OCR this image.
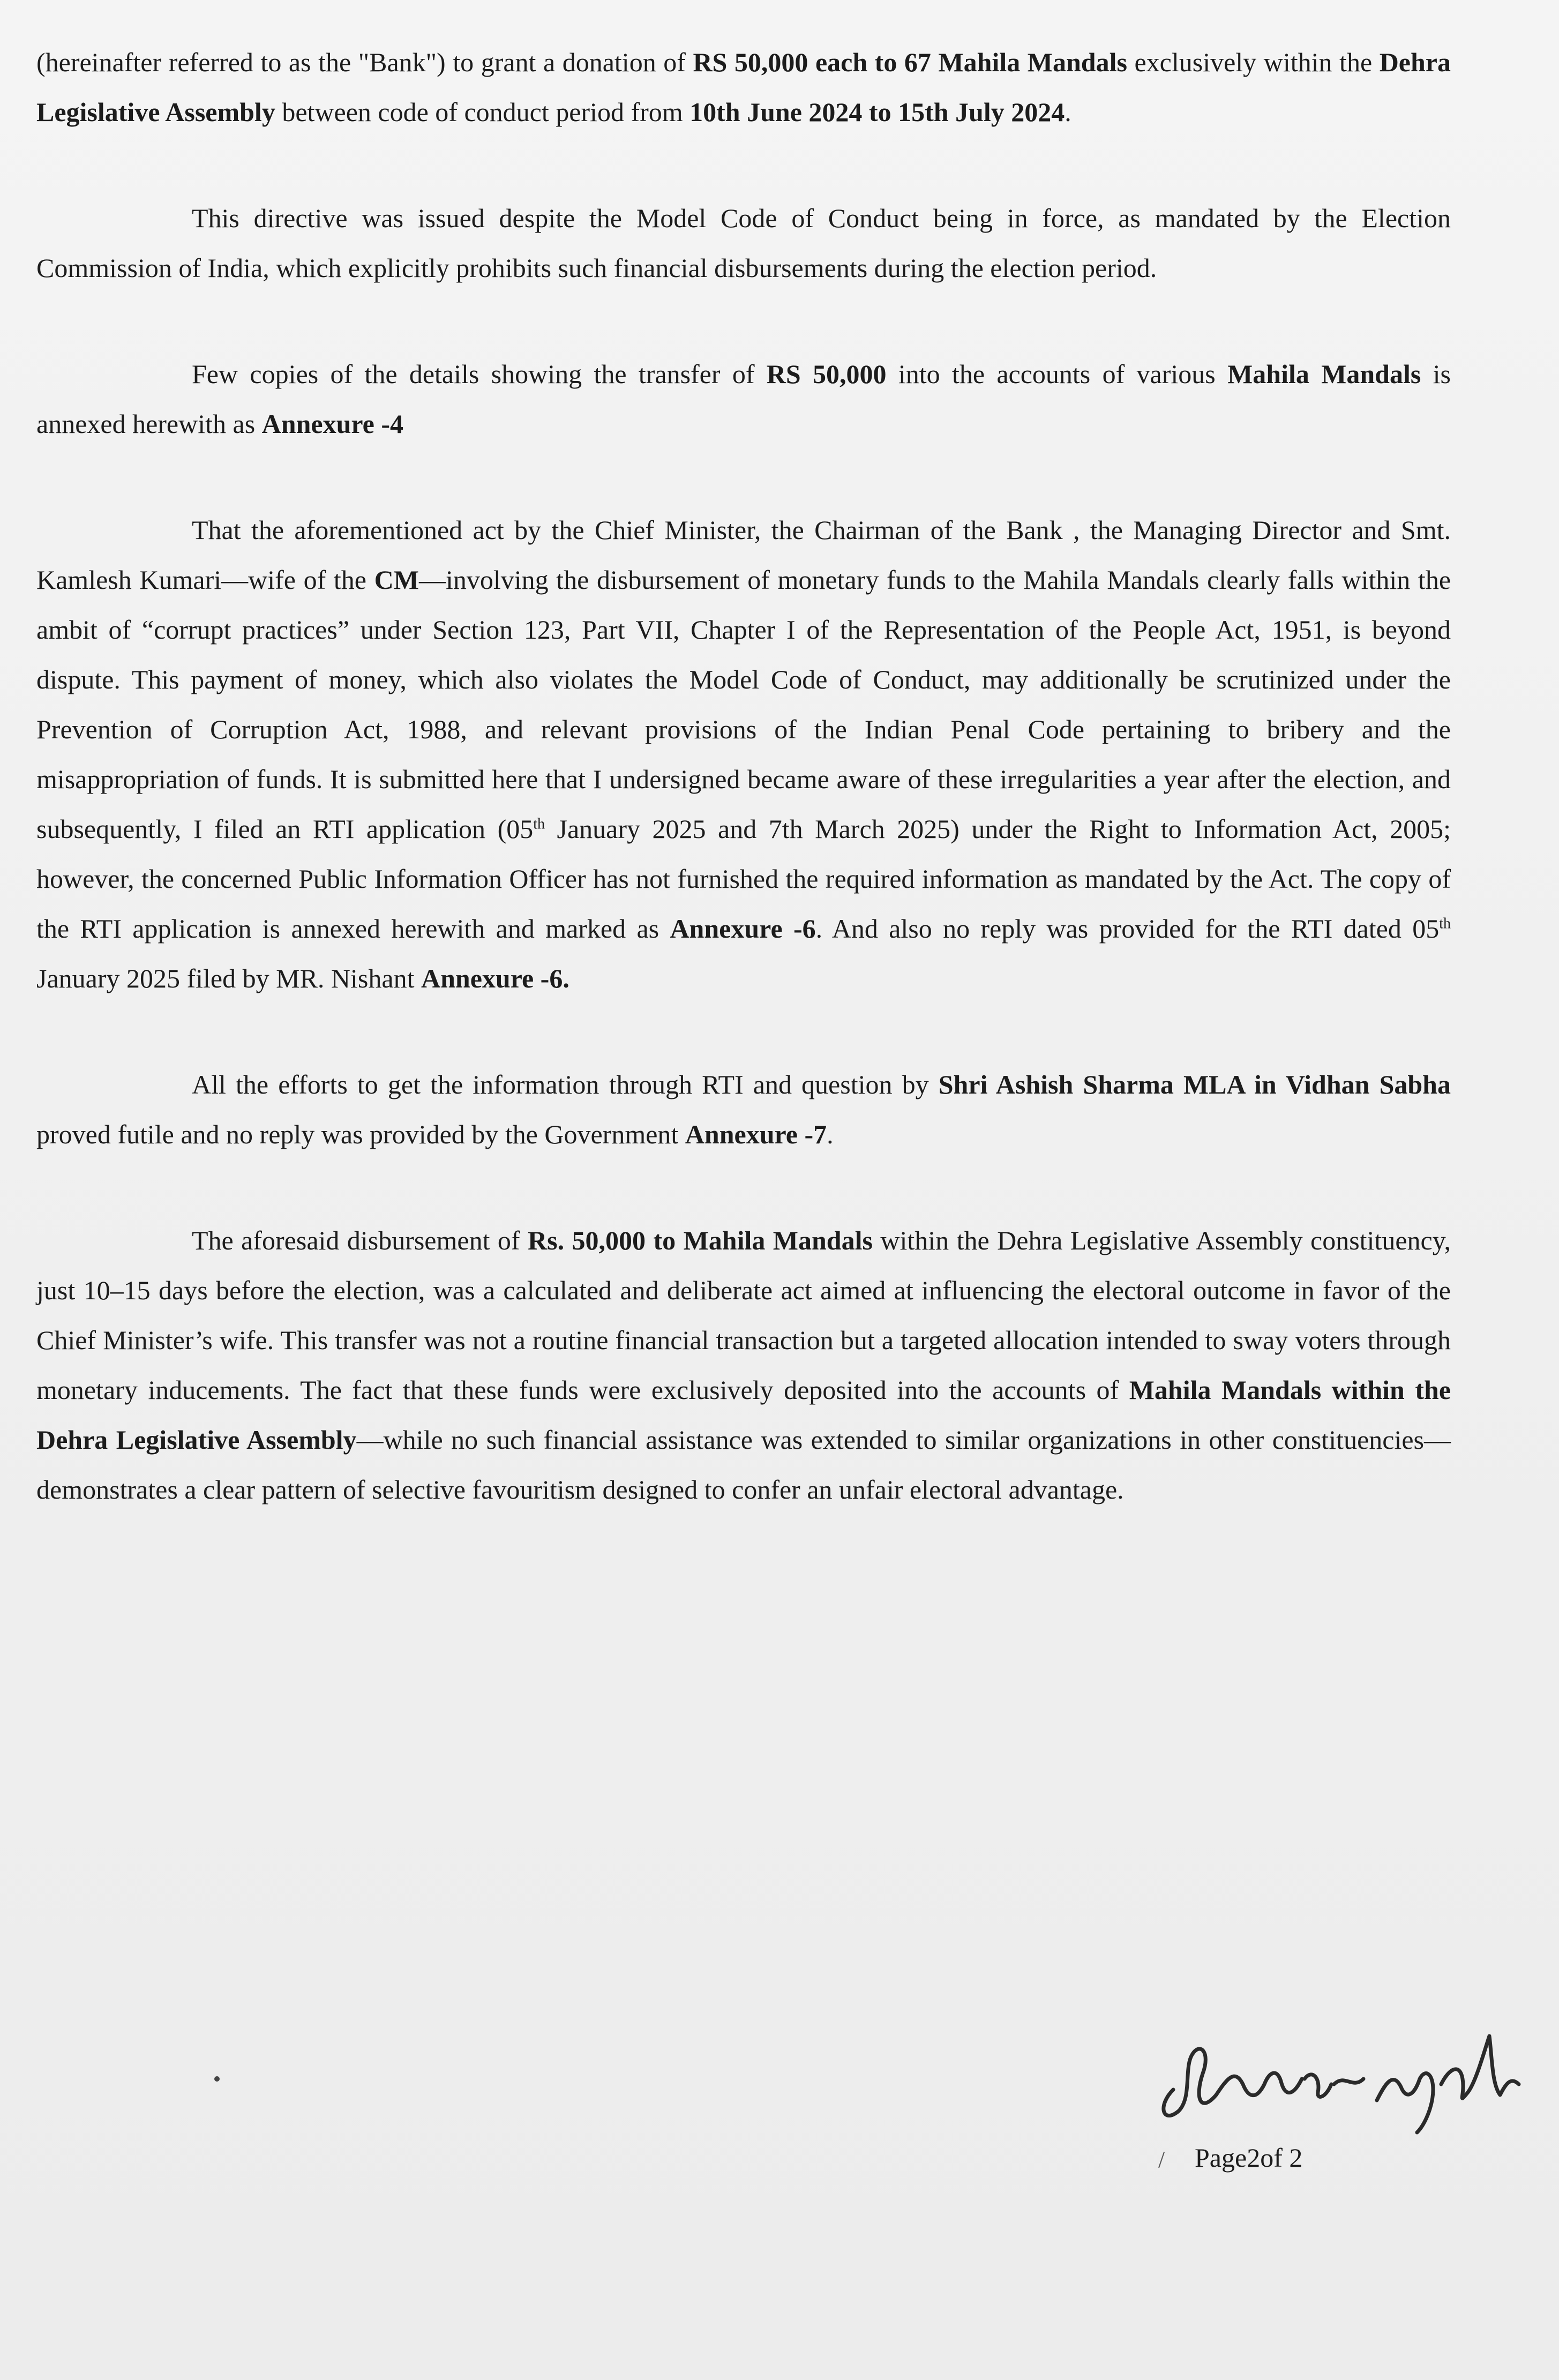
(hereinafter referred to as the "Bank") to grant a donation of RS 50,000 each to 67 Mahila Mandals exclusively within the Dehra Legislative Assembly between code of conduct period from 10th June 2024 to 15th July 2024.

This directive was issued despite the Model Code of Conduct being in force, as mandated by the Election Commission of India, which explicitly prohibits such financial disbursements during the election period.

Few copies of the details showing the transfer of RS 50,000 into the accounts of various Mahila Mandals is annexed herewith as Annexure -4

That the aforementioned act by the Chief Minister, the Chairman of the Bank , the Managing Director and Smt. Kamlesh Kumari—wife of the CM—involving the disbursement of monetary funds to the Mahila Mandals clearly falls within the ambit of “corrupt practices” under Section 123, Part VII, Chapter I of the Representation of the People Act, 1951, is beyond dispute. This payment of money, which also violates the Model Code of Conduct, may additionally be scrutinized under the Prevention of Corruption Act, 1988, and relevant provisions of the Indian Penal Code pertaining to bribery and the misappropriation of funds. It is submitted here that I undersigned became aware of these irregularities a year after the election, and subsequently, I filed an RTI application (05th January 2025 and 7th March 2025) under the Right to Information Act, 2005; however, the concerned Public Information Officer has not furnished the required information as mandated by the Act. The copy of the RTI application is annexed herewith and marked as Annexure -6. And also no reply was provided for the RTI dated 05th January 2025 filed by MR. Nishant Annexure -6.

All the efforts to get the information through RTI and question by Shri Ashish Sharma MLA in Vidhan Sabha proved futile and no reply was provided by the Government Annexure -7.

The aforesaid disbursement of Rs. 50,000 to Mahila Mandals within the Dehra Legislative Assembly constituency, just 10–15 days before the election, was a calculated and deliberate act aimed at influencing the electoral outcome in favor of the Chief Minister’s wife. This transfer was not a routine financial transaction but a targeted allocation intended to sway voters through monetary inducements. The fact that these funds were exclusively deposited into the accounts of Mahila Mandals within the Dehra Legislative Assembly—while no such financial assistance was extended to similar organizations in other constituencies—demonstrates a clear pattern of selective favouritism designed to confer an unfair electoral advantage.

/ Page2of 2
